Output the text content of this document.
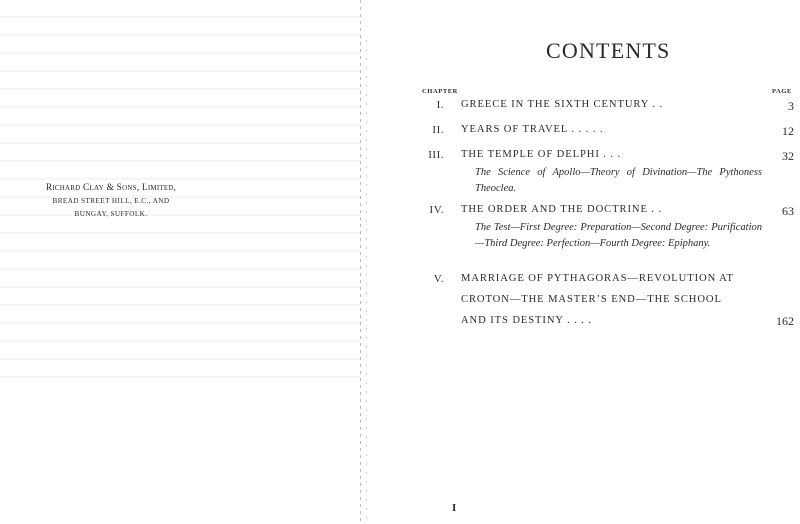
Richard Clay & Sons, Limited,
BREAD STREET HILL, E.C., AND
BUNGAY, SUFFOLK.
CONTENTS
CHAPTER	PAGE
I. GREECE IN THE SIXTH CENTURY . .	3
II. YEARS OF TRAVEL . . . . .	12
III. THE TEMPLE OF DELPHI . . .	32
The Science of Apollo—Theory of Divination—The Pythoness Theoclea.
IV. THE ORDER AND THE DOCTRINE . .	63
The Test—First Degree: Preparation—Second Degree: Purification—Third Degree: Perfection—Fourth Degree: Epiphany.
V. MARRIAGE OF PYTHAGORAS—REVOLUTION AT
CROTON—THE MASTER’S END—THE SCHOOL
AND ITS DESTINY . . . .	162
I
